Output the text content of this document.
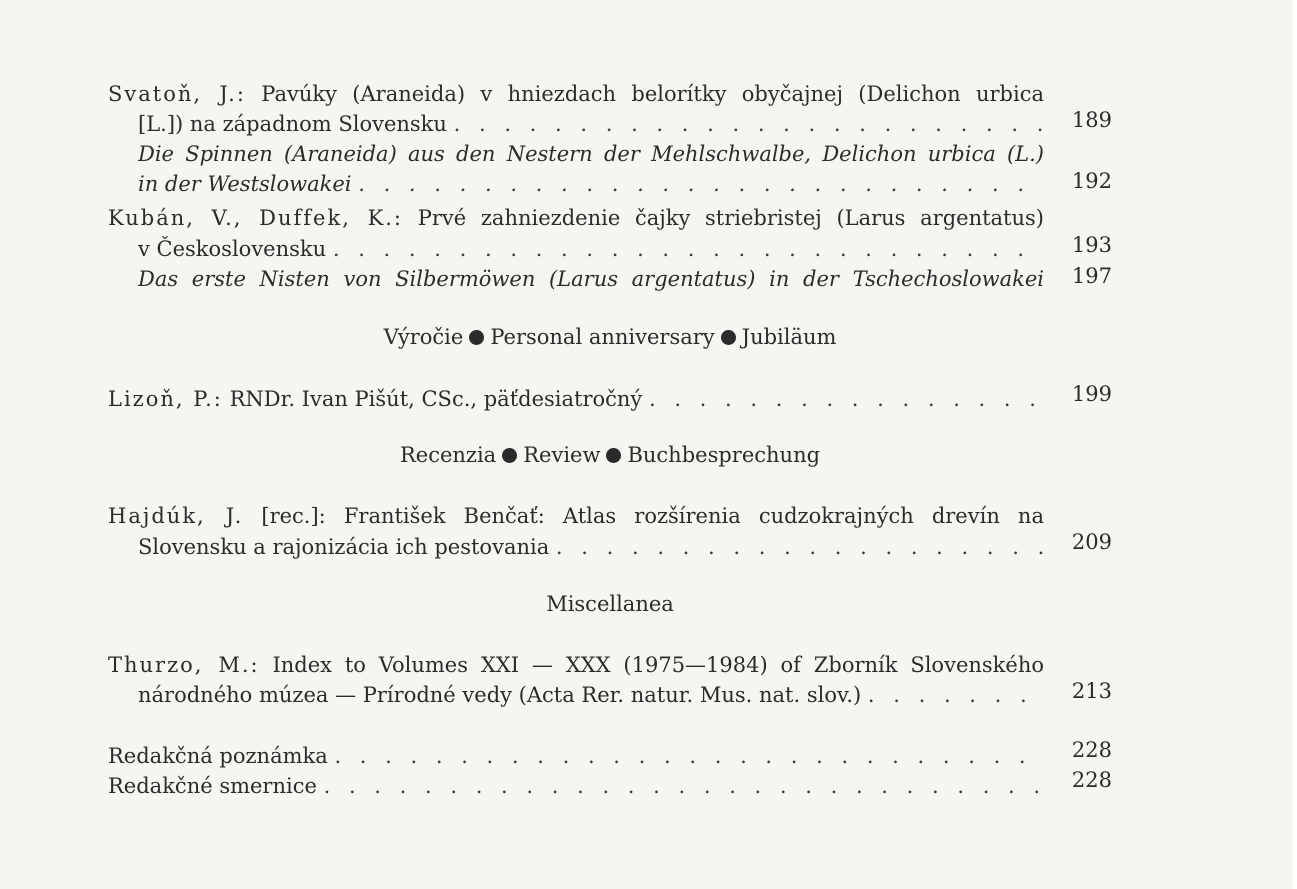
Svatoň, J.: Pavúky (Araneida) v hniezdach belorítky obyčajnej (Delichon urbica
[L.]) na západnom Slovensku . . .	189
Die Spinnen (Araneida) aus den Nestern der Mehlschwalbe, Delichon urbica (L.)
in der Westslowakei . . .	192
Kubán, V., Duffek, K.: Prvé zahniezdenie čajky striebristej (Larus argentatus)
v Československu . . .	193
Das erste Nisten von Silbermöwen (Larus argentatus) in der Tschechoslowakei	197
Výročie Personal anniversary Jubiläum
Lizoň, P.: RNDr. Ivan Pišút, CSc., päťdesiatročný . . .	199
Recenzia Review Buchbesprechung
Hajdúk, J. [rec.]: František Benčať: Atlas rozšírenia cudzokrajných drevín na
Slovensku a rajonizácia ich pestovania . . .	209
Miscellanea
Thurzo, M.: Index to Volumes XXI — XXX (1975—1984) of Zborník Slovenského
národného múzea — Prírodné vedy (Acta Rer. natur. Mus. nat. slov.) . . .	213
Redakčná poznámka . . .	228
Redakčné smernice . . .	228
